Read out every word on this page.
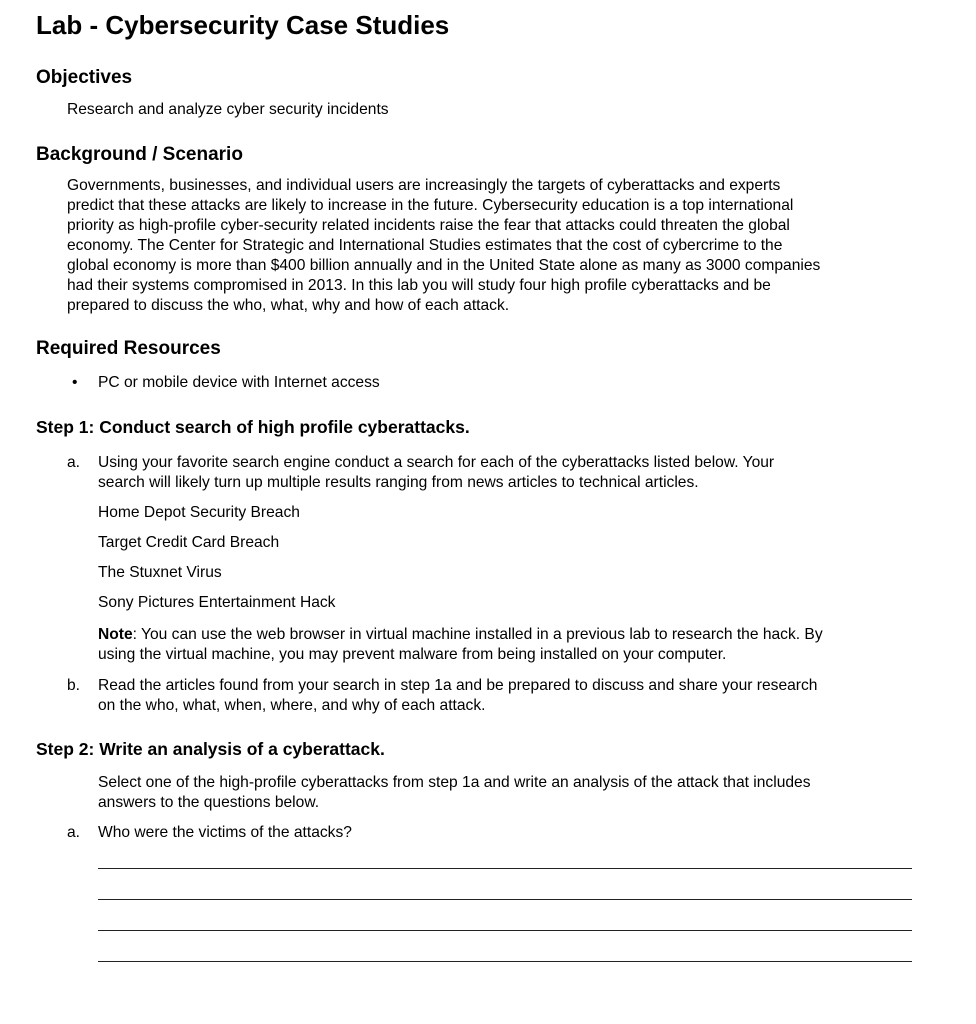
Lab - Cybersecurity Case Studies
Objectives
Research and analyze cyber security incidents
Background / Scenario
Governments, businesses, and individual users are increasingly the targets of cyberattacks and experts
predict that these attacks are likely to increase in the future. Cybersecurity education is a top international
priority as high-profile cyber-security related incidents raise the fear that attacks could threaten the global
economy. The Center for Strategic and International Studies estimates that the cost of cybercrime to the
global economy is more than $400 billion annually and in the United State alone as many as 3000 companies
had their systems compromised in 2013. In this lab you will study four high profile cyberattacks and be
prepared to discuss the who, what, why and how of each attack.
Required Resources
• PC or mobile device with Internet access
Step 1: Conduct search of high profile cyberattacks.
a. Using your favorite search engine conduct a search for each of the cyberattacks listed below. Your
search will likely turn up multiple results ranging from news articles to technical articles.
Home Depot Security Breach
Target Credit Card Breach
The Stuxnet Virus
Sony Pictures Entertainment Hack
Note: You can use the web browser in virtual machine installed in a previous lab to research the hack. By
using the virtual machine, you may prevent malware from being installed on your computer.
b. Read the articles found from your search in step 1a and be prepared to discuss and share your research
on the who, what, when, where, and why of each attack.
Step 2: Write an analysis of a cyberattack.
Select one of the high-profile cyberattacks from step 1a and write an analysis of the attack that includes
answers to the questions below.
a. Who were the victims of the attacks?
